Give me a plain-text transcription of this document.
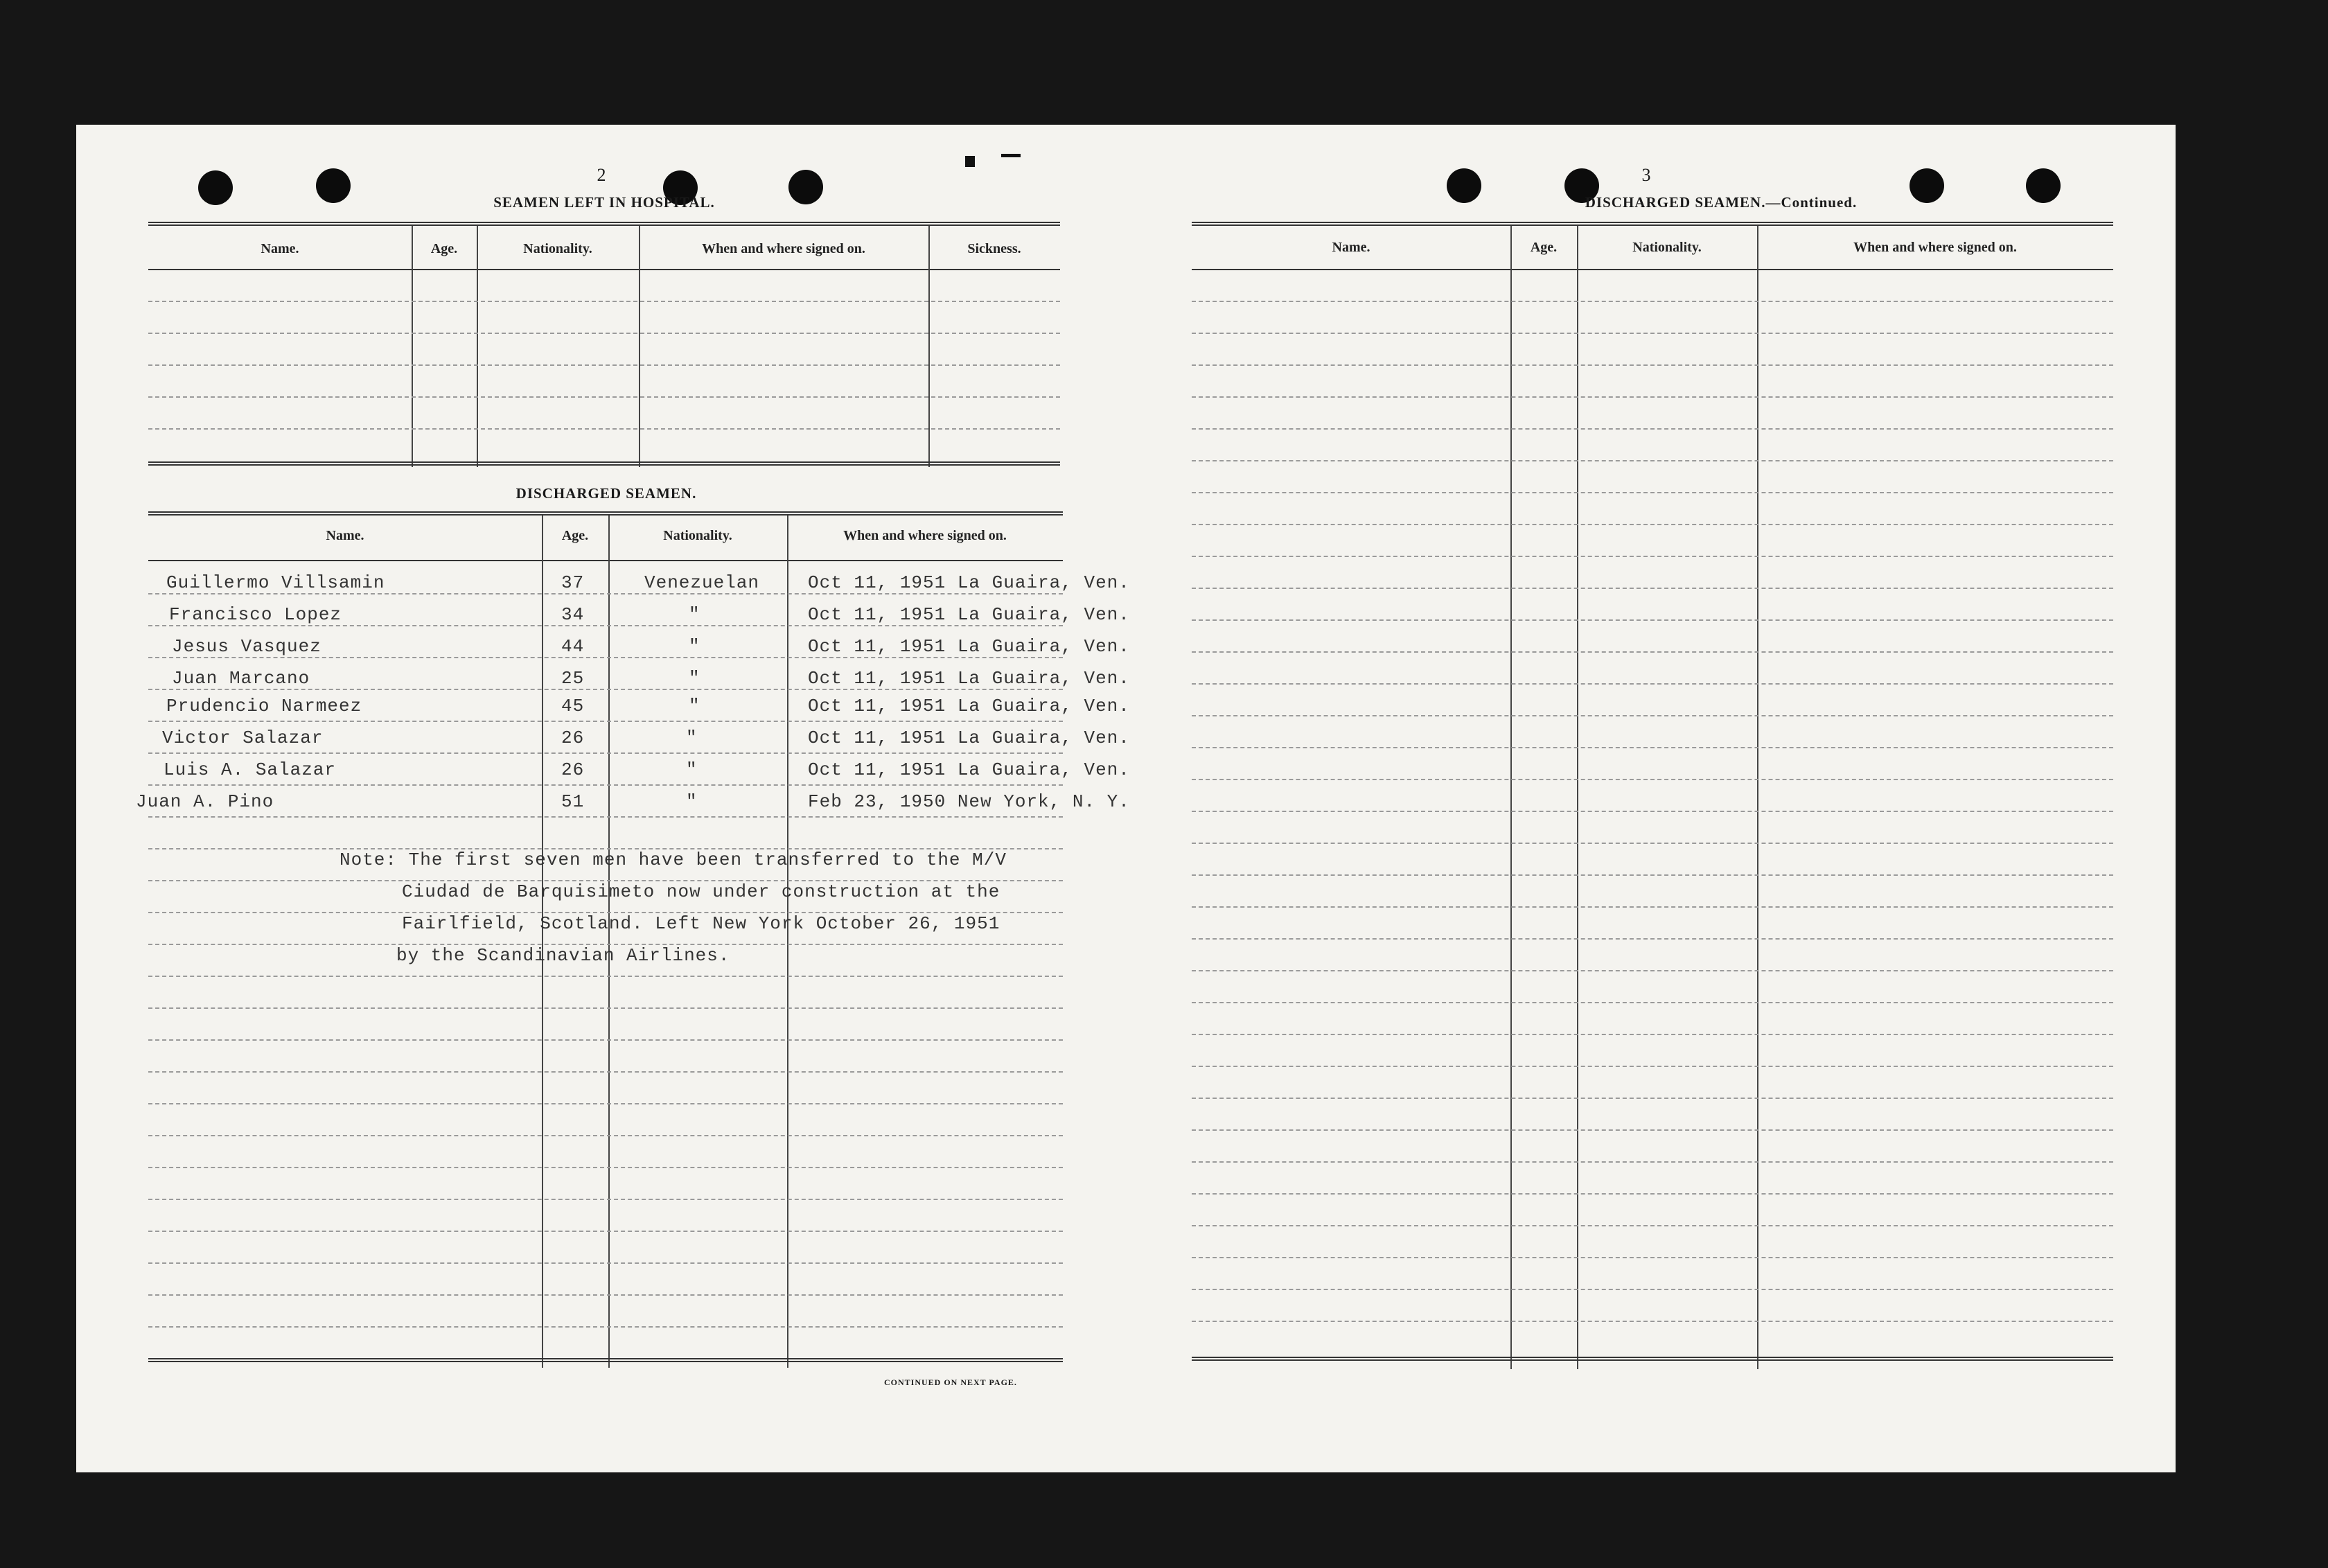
2
SEAMEN LEFT IN HOSPITAL.
Name.	Age.	Nationality.	When and where signed on.	Sickness.
DISCHARGED SEAMEN.
Name.	Age.	Nationality.	When and where signed on.
Guillermo Villsamin	37	Venezuelan	Oct 11, 1951 La Guaira, Ven.
Francisco Lopez	34	"	Oct 11, 1951 La Guaira, Ven.
Jesus Vasquez	44	"	Oct 11, 1951 La Guaira, Ven.
Juan Marcano	25	"	Oct 11, 1951 La Guaira, Ven.
Prudencio Narmeez	45	"	Oct 11, 1951 La Guaira, Ven.
Victor Salazar	26	"	Oct 11, 1951 La Guaira, Ven.
Luis A. Salazar	26	"	Oct 11, 1951 La Guaira, Ven.
Juan A. Pino	51	"	Feb 23, 1950 New York, N. Y.
Note: The first seven men have been transferred to the M/V
Ciudad de Barquisimeto now under construction at the
Fairlfield, Scotland. Left New York October 26, 1951
by the Scandinavian Airlines.
CONTINUED ON NEXT PAGE.
3
DISCHARGED SEAMEN.—Continued.
Name.	Age.	Nationality.	When and where signed on.
